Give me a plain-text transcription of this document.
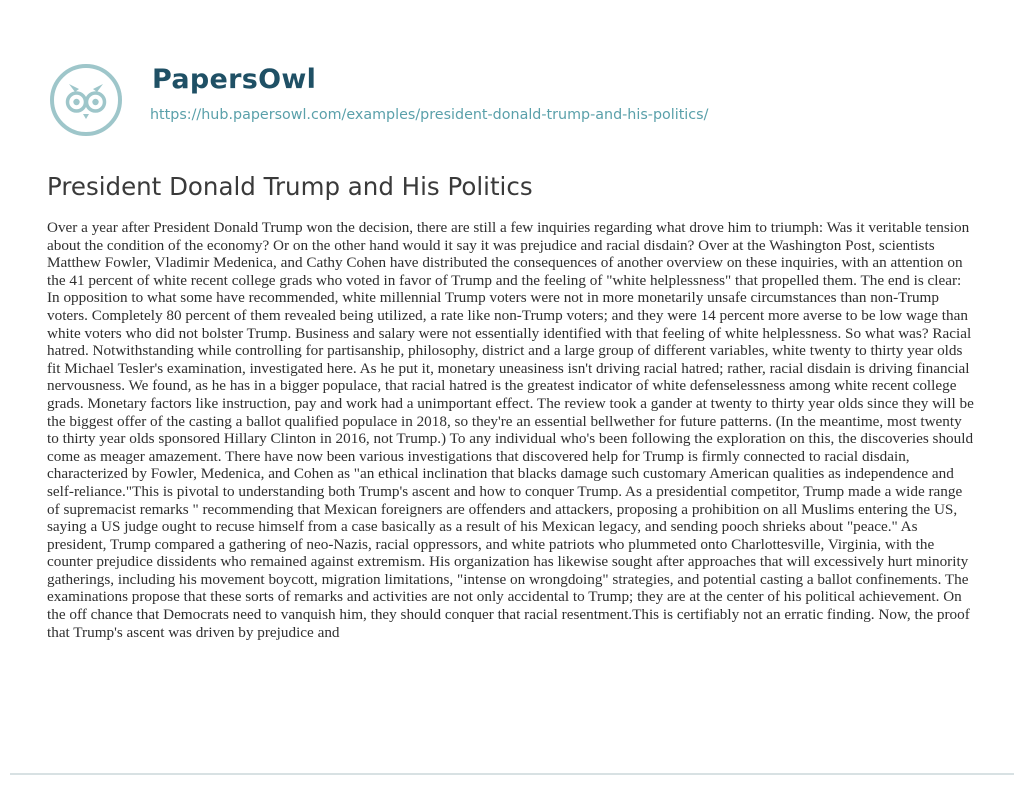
PapersOwl
https://hub.papersowl.com/examples/president-donald-trump-and-his-politics/
President Donald Trump and His Politics

Over a year after President Donald Trump won the decision, there are still a few inquiries regarding what drove him to triumph: Was it veritable tension about the condition of the economy? Or on the other hand would it say it was prejudice and racial disdain? Over at the Washington Post, scientists Matthew Fowler, Vladimir Medenica, and Cathy Cohen have distributed the consequences of another overview on these inquiries, with an attention on the 41 percent of white recent college grads who voted in favor of Trump and the feeling of "white helplessness" that propelled them. The end is clear: In opposition to what some have recommended, white millennial Trump voters were not in more monetarily unsafe circumstances than non-Trump voters. Completely 80 percent of them revealed being utilized, a rate like non-Trump voters; and they were 14 percent more averse to be low wage than white voters who did not bolster Trump. Business and salary were not essentially identified with that feeling of white helplessness. So what was? Racial hatred. Notwithstanding while controlling for partisanship, philosophy, district and a large group of different variables, white twenty to thirty year olds fit Michael Tesler's examination, investigated here. As he put it, monetary uneasiness isn't driving racial hatred; rather, racial disdain is driving financial nervousness. We found, as he has in a bigger populace, that racial hatred is the greatest indicator of white defenselessness among white recent college grads. Monetary factors like instruction, pay and work had a unimportant effect. The review took a gander at twenty to thirty year olds since they will be the biggest offer of the casting a ballot qualified populace in 2018, so they're an essential bellwether for future patterns. (In the meantime, most twenty to thirty year olds sponsored Hillary Clinton in 2016, not Trump.) To any individual who's been following the exploration on this, the discoveries should come as meager amazement. There have now been various investigations that discovered help for Trump is firmly connected to racial disdain, characterized by Fowler, Medenica, and Cohen as "an ethical inclination that blacks damage such customary American qualities as independence and self-reliance."This is pivotal to understanding both Trump's ascent and how to conquer Trump. As a presidential competitor, Trump made a wide range of supremacist remarks " recommending that Mexican foreigners are offenders and attackers, proposing a prohibition on all Muslims entering the US, saying a US judge ought to recuse himself from a case basically as a result of his Mexican legacy, and sending pooch shrieks about "peace." As president, Trump compared a gathering of neo-Nazis, racial oppressors, and white patriots who plummeted onto Charlottesville, Virginia, with the counter prejudice dissidents who remained against extremism. His organization has likewise sought after approaches that will excessively hurt minority gatherings, including his movement boycott, migration limitations, "intense on wrongdoing" strategies, and potential casting a ballot confinements. The examinations propose that these sorts of remarks and activities are not only accidental to Trump; they are at the center of his political achievement. On the off chance that Democrats need to vanquish him, they should conquer that racial resentment.This is certifiably not an erratic finding. Now, the proof that Trump's ascent was driven by prejudice and
